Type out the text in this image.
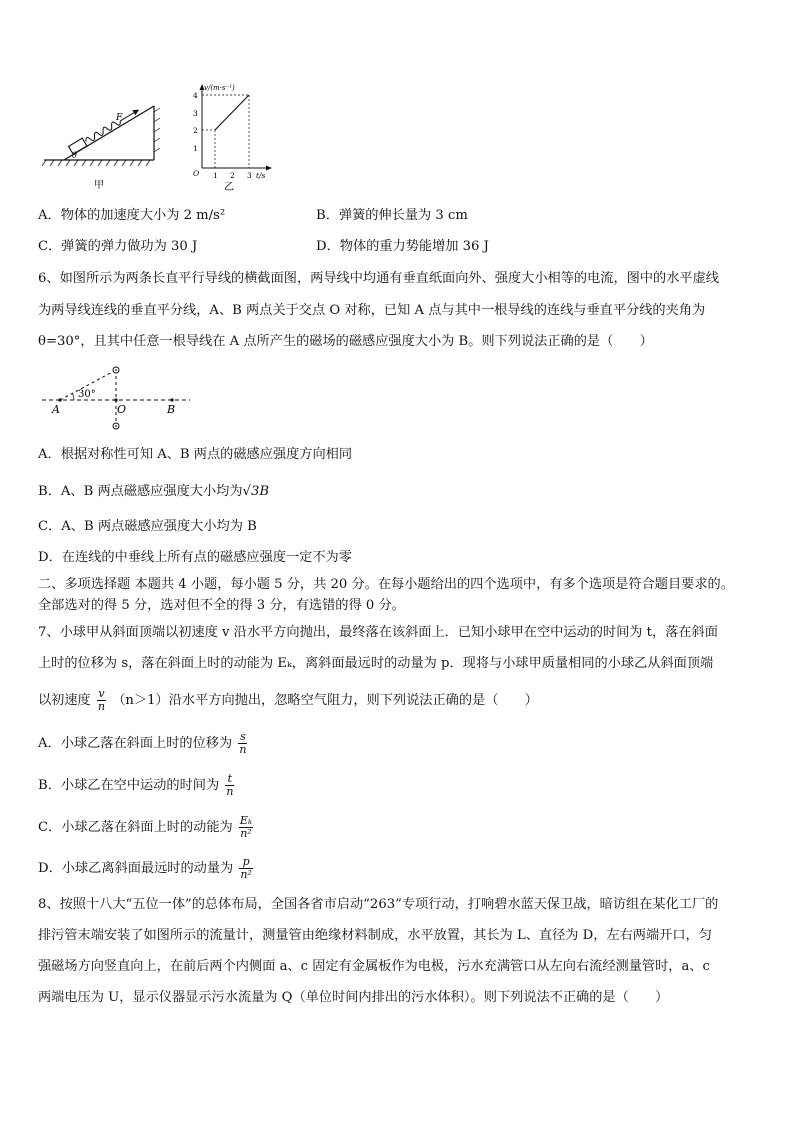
F
θ
甲
v/(m·s⁻¹)
4
3
2
1
O 1 2 3 t/s
乙
A．物体的加速度大小为 2 m/s²	B．弹簧的伸长量为 3 cm
C．弹簧的弹力做功为 30 J	D．物体的重力势能增加 36 J
6、如图所示为两条长直平行导线的横截面图，两导线中均通有垂直纸面向外、强度大小相等的电流，图中的水平虚线
为两导线连线的垂直平分线，A、B 两点关于交点 O 对称，已知 A 点与其中一根导线的连线与垂直平分线的夹角为
θ=30°，且其中任意一根导线在 A 点所产生的磁场的磁感应强度大小为 B。则下列说法正确的是（　　）
30°
A	O	B
A．根据对称性可知 A、B 两点的磁感应强度方向相同
B．A、B 两点磁感应强度大小均为√3B
C．A、B 两点磁感应强度大小均为 B
D．在连线的中垂线上所有点的磁感应强度一定不为零
二、多项选择题 本题共 4 小题，每小题 5 分，共 20 分。在每小题给出的四个选项中，有多个选项是符合题目要求的。
全部选对的得 5 分，选对但不全的得 3 分，有选错的得 0 分。
7、小球甲从斜面顶端以初速度 v 沿水平方向抛出，最终落在该斜面上．已知小球甲在空中运动的时间为 t，落在斜面
上时的位移为 s，落在斜面上时的动能为 Eₖ，离斜面最远时的动量为 p．现将与小球甲质量相同的小球乙从斜面顶端
以初速度 $\frac{v}{n} (n>1)$沿水平方向抛出，忽略空气阻力，则下列说法正确的是（　　）
A．小球乙落在斜面上时的位移为 $\frac{s}{n}$
B．小球乙在空中运动的时间为 $\frac{t}{n}$
C．小球乙落在斜面上时的动能为 $\frac{\text{Eₖ}}{\text{n²}}$
D．小球乙离斜面最远时的动量为 $\frac{p}{\text{n²}}$
8、按照十八大“五位一体”的总体布局，全国各省市启动“263”专项行动，打响碧水蓝天保卫战，暗访组在某化工厂的
排污管末端安装了如图所示的流量计，测量管由绝缘材料制成，水平放置，其长为 L、直径为 D，左右两端开口，匀
强磁场方向竖直向上，在前后两个内侧面 a、c 固定有金属板作为电极，污水充满管口从左向右流经测量管时，a、c
两端电压为 U，显示仪器显示污水流量为 Q（单位时间内排出的污水体积）。则下列说法不正确的是（　　）
